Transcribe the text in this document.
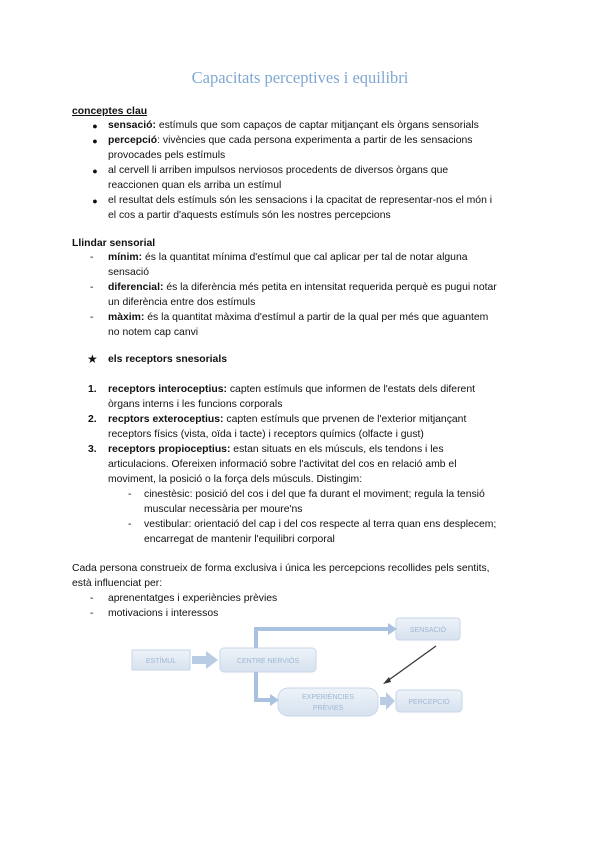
Capacitats perceptives i equilibri
conceptes clau
● sensació: estímuls que som capaços de captar mitjançant els òrgans sensorials
● percepció: vivències que cada persona experimenta a partir de les sensacions
provocades pels estímuls
● al cervell li arriben impulsos nerviosos procedents de diversos òrgans que
reaccionen quan els arriba un estímul
● el resultat dels estímuls són les sensacions i la cpacitat de representar-nos el món i
el cos a partir d'aquests estímuls són les nostres percepcions
Llindar sensorial
-	mínim: és la quantitat mínima d'estímul que cal aplicar per tal de notar alguna
sensació
-	diferencial: és la diferència més petita en intensitat requerida perquè es pugui notar
un diferència entre dos estímuls
-	màxim: és la quantitat màxima d'estímul a partir de la qual per més que aguantem
no notem cap canvi
★ els receptors snesorials
1. receptors interoceptius: capten estímuls que informen de l'estats dels diferent
òrgans interns i les funcions corporals
2. recptors exteroceptius: capten estímuls que prvenen de l'exterior mitjançant
receptors físics (vista, oïda i tacte) i receptors químics (olfacte i gust)
3. receptors propioceptius: estan situats en els músculs, els tendons i les
articulacions. Ofereixen informació sobre l'activitat del cos en relació amb el
moviment, la posició o la força dels músculs. Distingim:
-	cinestèsic: posició del cos i del que fa durant el moviment; regula la tensió
muscular necessària per moure'ns
-	vestibular: orientació del cap i del cos respecte al terra quan ens desplecem;
encarregat de mantenir l'equilibri corporal
Cada persona construeix de forma exclusiva i única les percepcions recollides pels sentits,
està influenciat per:
-	aprenentatges i experiències prèvies
-	motivacions i interessos
ESTÍMUL	CENTRE NERVIÓS
SENSACIÓ
EXPERIÈNCIES
PRÈVIES
PERCEPCIÓ
